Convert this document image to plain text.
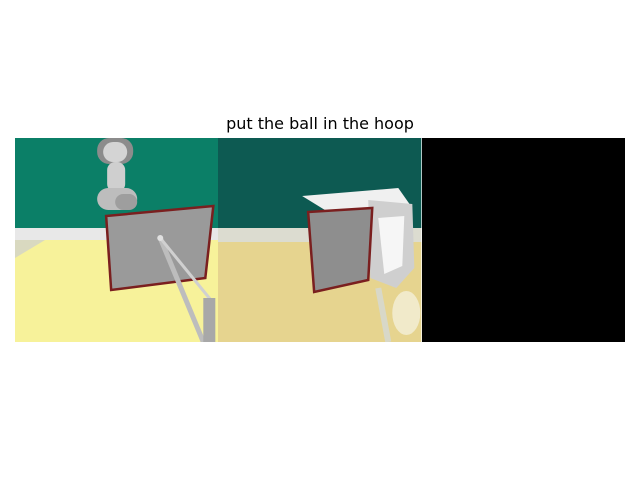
put the ball in the hoop
